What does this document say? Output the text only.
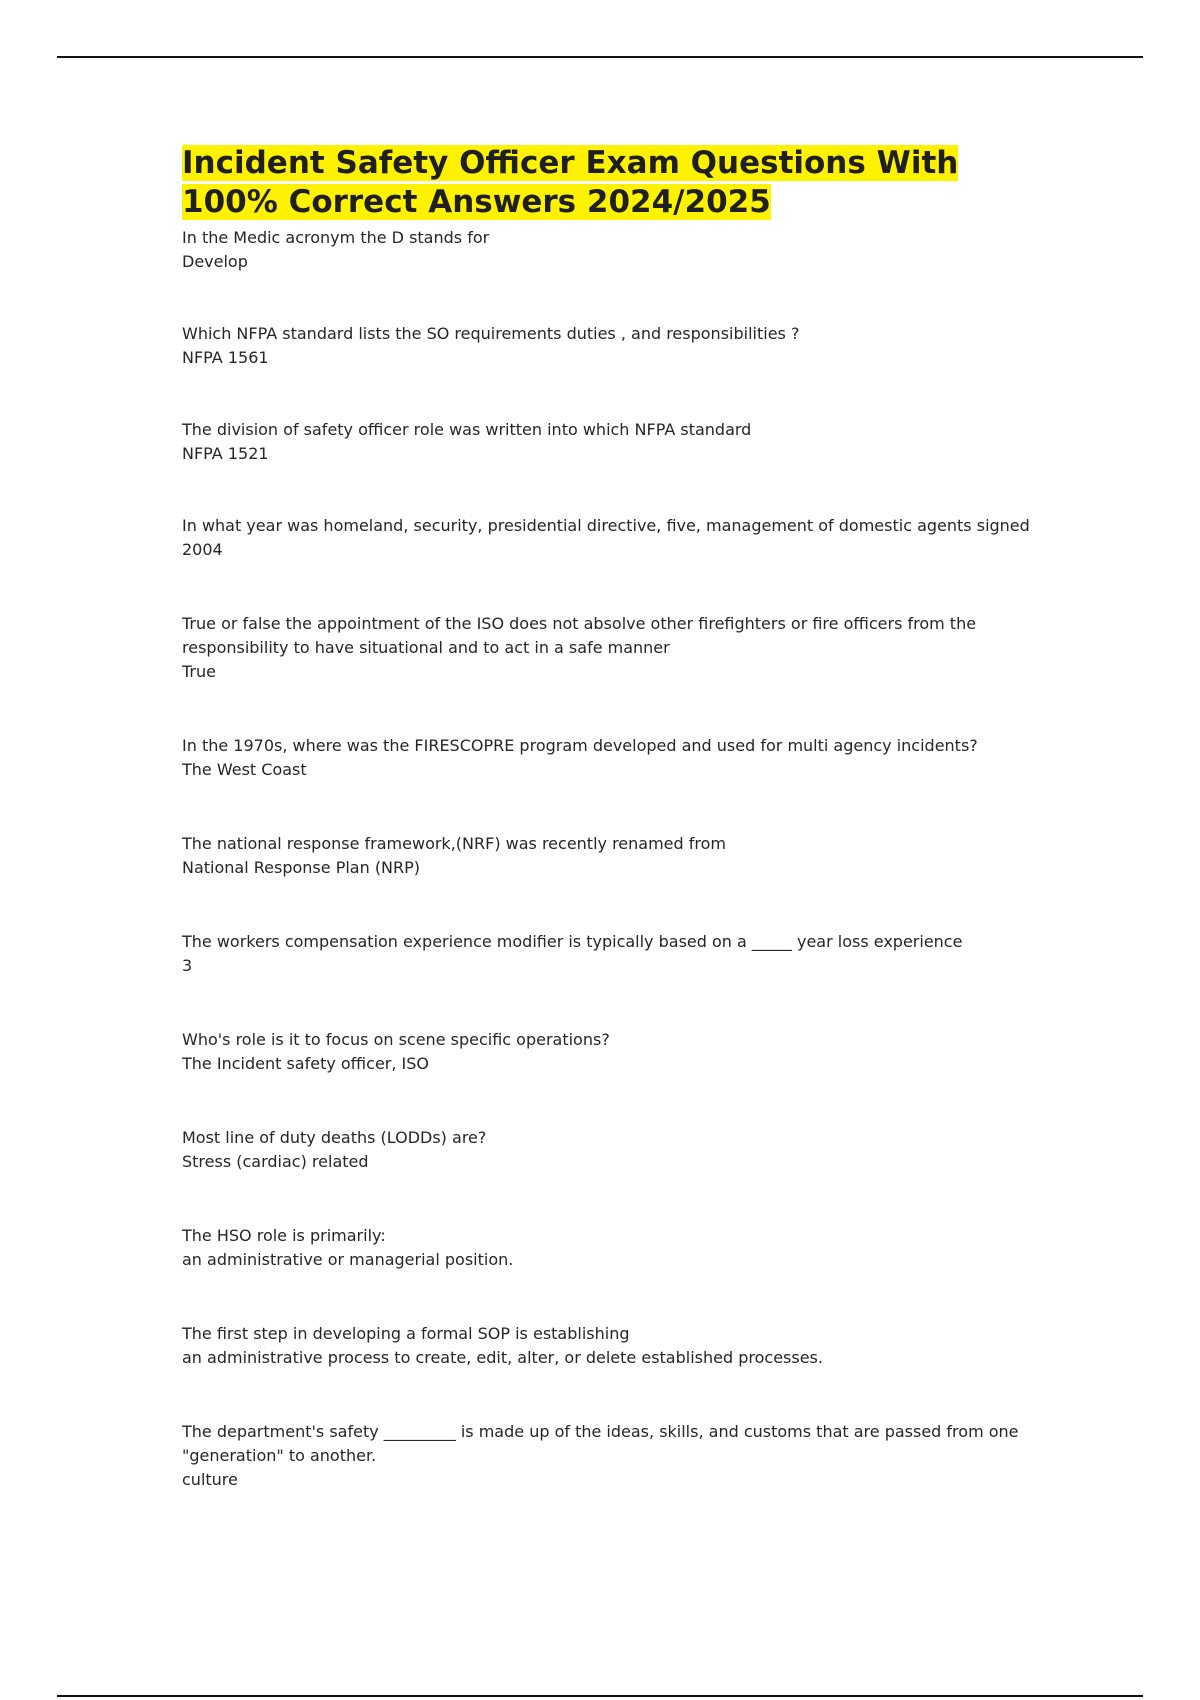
Incident Safety Officer Exam Questions With 100% Correct Answers 2024/2025
In the Medic acronym the D stands for
Develop
Which NFPA standard lists the SO requirements duties , and responsibilities ?
NFPA 1561
The division of safety officer role was written into which NFPA standard
NFPA 1521
In what year was homeland, security, presidential directive, five, management of domestic agents signed
2004
True or false the appointment of the ISO does not absolve other firefighters or fire officers from the responsibility to have situational and to act in a safe manner
True
In the 1970s, where was the FIRESCOPRE program developed and used for multi agency incidents?
The West Coast
The national response framework,(NRF) was recently renamed from
National Response Plan (NRP)
The workers compensation experience modifier is typically based on a _____ year loss experience
3
Who's role is it to focus on scene specific operations?
The Incident safety officer, ISO
Most line of duty deaths (LODDs) are?
Stress (cardiac) related
The HSO role is primarily:
an administrative or managerial position.
The first step in developing a formal SOP is establishing
an administrative process to create, edit, alter, or delete established processes.
The department's safety _________ is made up of the ideas, skills, and customs that are passed from one "generation" to another.
culture
